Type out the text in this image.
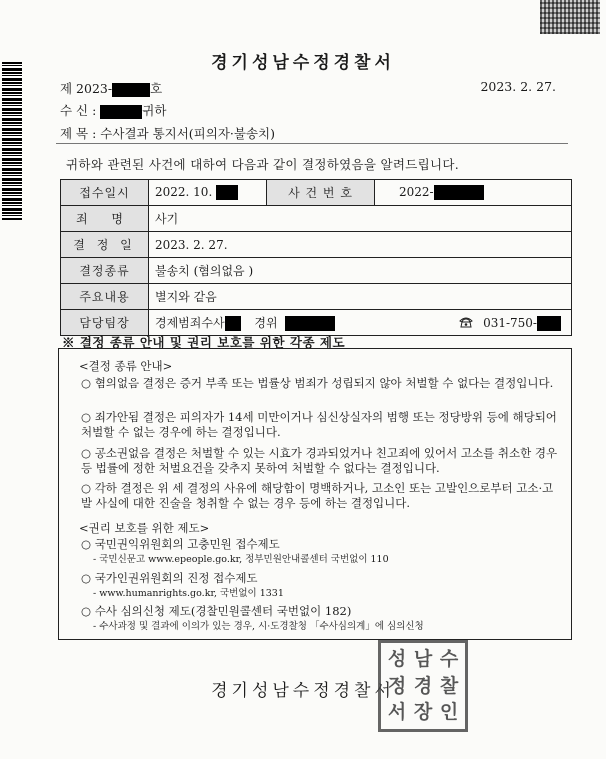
경기성남수정경찰서
제 2023-	호	2023. 2. 27.
수 신 :	귀하
제 목 : 수사결과 통지서(피의자·불송치)
귀하와 관련된 사건에 대하여 다음과 같이 결정하였음을 알려드립니다.
접수일시	2022. 10.	사 건 번 호	2022-
죄 명	사기		
결 정 일	2023. 2. 27.		
결정종류	불송치 (혐의없음 )		
주요내용	별지와 같음		
담당팀장	경제범죄수사 경위 031-750-		
※ 결정 종류 안내 및 권리 보호를 위한 각종 제도
<결정 종류 안내>
○ 혐의없음 결정은 증거 부족 또는 법률상 범죄가 성립되지 않아 처벌할 수 없다는 결정입니다.
○ 죄가안됨 결정은 피의자가 14세 미만이거나 심신상실자의 범행 또는 정당방위 등에 해당되어 처벌할 수 없는 경우에 하는 결정입니다.
○ 공소권없음 결정은 처벌할 수 있는 시효가 경과되었거나 친고죄에 있어서 고소를 취소한 경우 등 법률에 정한 처벌요건을 갖추지 못하여 처벌할 수 없다는 결정입니다.
○ 각하 결정은 위 세 결정의 사유에 해당함이 명백하거나, 고소인 또는 고발인으로부터 고소·고발 사실에 대한 진술을 청취할 수 없는 경우 등에 하는 결정입니다.
<권리 보호를 위한 제도>
○ 국민권익위원회의 고충민원 접수제도
- 국민신문고 www.epeople.go.kr, 정부민원안내콜센터 국번없이 110
○ 국가인권위원회의 진정 접수제도
- www.humanrights.go.kr, 국번없이 1331
○ 수사 심의신청 제도(경찰민원콜센터 국번없이 182)
- 수사과정 및 결과에 이의가 있는 경우, 시·도경찰청 「수사심의계」에 심의신청
경기성남수정경찰서
성 남 수
정 경 찰
서 장 인
